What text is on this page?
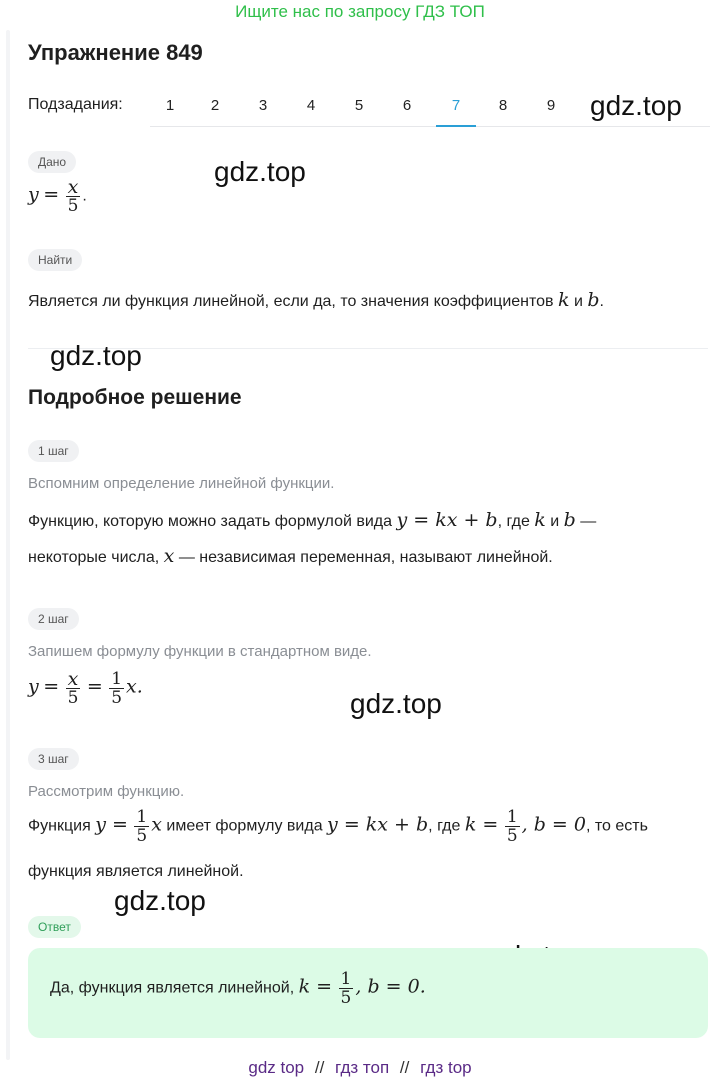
Ищите нас по запросу ГДЗ ТОП
Упражнение 849
Подзадания:	1	2	3	4	5	6	7	8	9	gdz.top
Дано
$y = \frac{x}{5}$ .
gdz.top
Найти
Является ли функция линейной, если да, то значения коэффициентов k и b.
gdz.top
Подробное решение
1 шаг
Вспомним определение линейной функции.
Функцию, которую можно задать формулой вида y = kx + b, где k и b —
некоторые числа, x — независимая переменная, называют линейной.
2 шаг
Запишем формулу функции в стандартном виде.
$y = \frac{x}{5} = \frac{1}{5} x$.
gdz.top
3 шаг
Рассмотрим функцию.
Функция $y = \frac{1}{5}$ x имеет формулу вида y = kx + b, где $k = \frac{1}{5}$ , b = 0, то есть
функция является линейной.
gdz.top
Ответ
Да, функция является линейной, $k = \frac{1}{5}$ , b = 0.
gdz top // гдз топ // гдз top
